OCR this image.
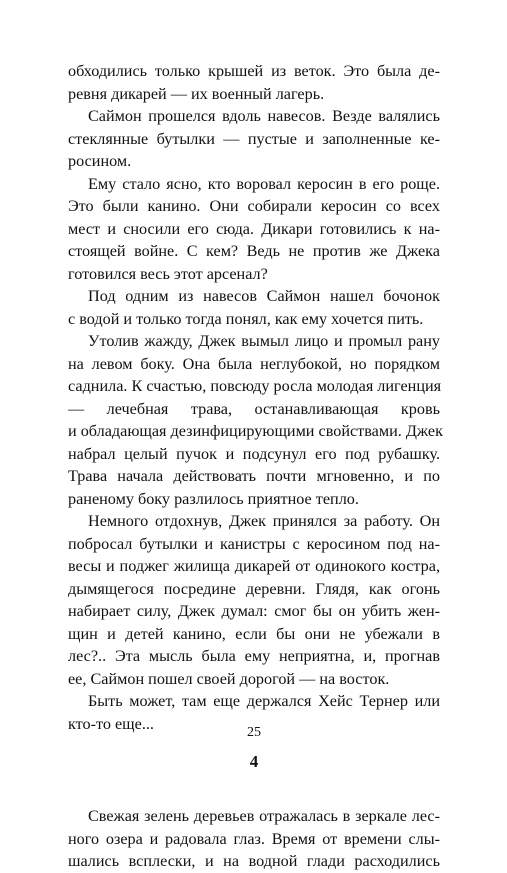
обходились только крышей из веток. Это была де-

ревня дикарей — их военный лагерь.

Саймон прошелся вдоль навесов. Везде валялись

стеклянные бутылки — пустые и заполненные ке-

росином.

Ему стало ясно, кто воровал керосин в его роще.

Это были канино. Они собирали керосин со всех

мест и сносили его сюда. Дикари готовились к на-

стоящей войне. С кем? Ведь не против же Джека

готовился весь этот арсенал?

Под одним из навесов Саймон нашел бочонок

с водой и только тогда понял, как ему хочется пить.

Утолив жажду, Джек вымыл лицо и промыл рану

на левом боку. Она была неглубокой, но порядком

саднила. К счастью, повсюду росла молодая лигенция

— лечебная трава, останавливающая кровь

и обладающая дезинфицирующими свойствами. Джек

набрал целый пучок и подсунул его под рубашку.

Трава начала действовать почти мгновенно, и по

раненому боку разлилось приятное тепло.

Немного отдохнув, Джек принялся за работу. Он

побросал бутылки и канистры с керосином под на-

весы и поджег жилища дикарей от одинокого костра,

дымящегося посредине деревни. Глядя, как огонь

набирает силу, Джек думал: смог бы он убить жен-

щин и детей канино, если бы они не убежали в

лес?.. Эта мысль была ему неприятна, и, прогнав

ее, Саймон пошел своей дорогой — на восток.

Быть может, там еще держался Хейс Тернер или

кто-то еще...

4

Свежая зелень деревьев отражалась в зеркале лес-

ного озера и радовала глаз. Время от времени слы-

шались всплески, и на водной глади расходились

25
